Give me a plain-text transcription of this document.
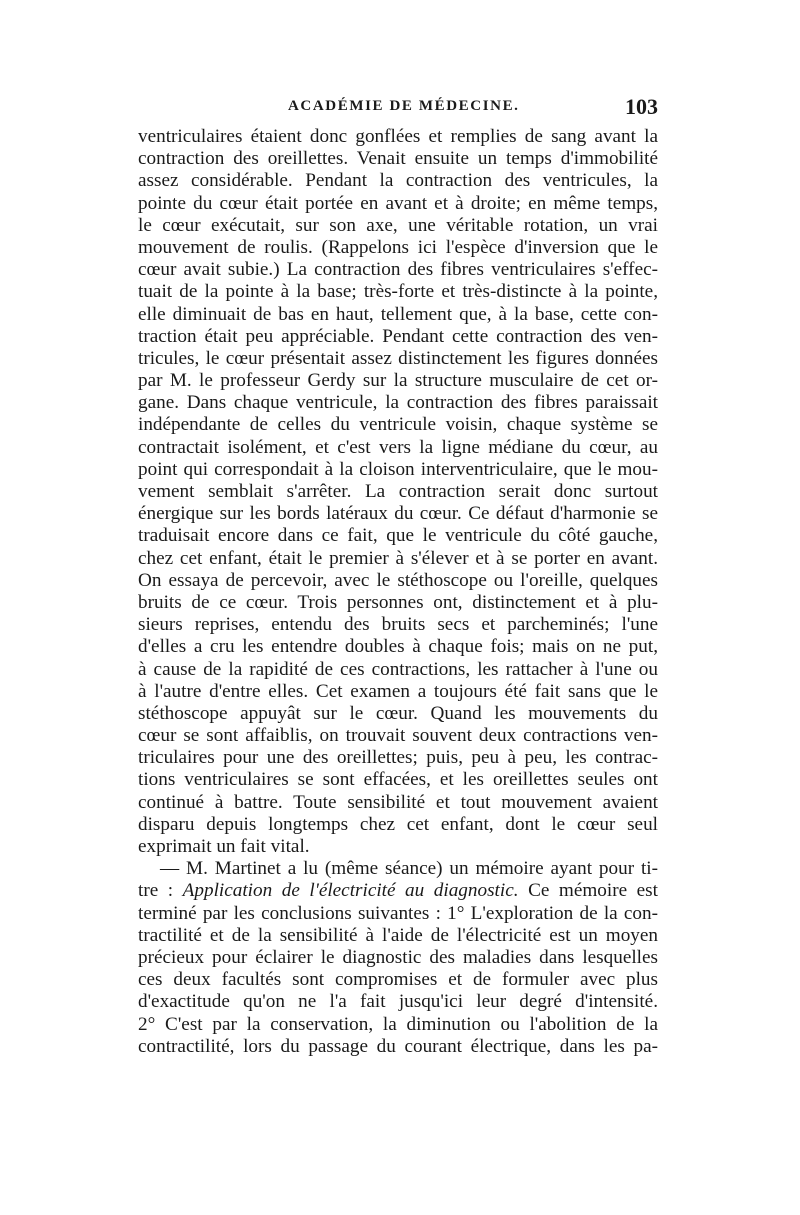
ACADÉMIE DE MÉDECINE.	103
ventriculaires étaient donc gonflées et remplies de sang avant la
contraction des oreillettes. Venait ensuite un temps d'immobilité
assez considérable. Pendant la contraction des ventricules, la
pointe du cœur était portée en avant et à droite; en même temps,
le cœur exécutait, sur son axe, une véritable rotation, un vrai
mouvement de roulis. (Rappelons ici l'espèce d'inversion que le
cœur avait subie.) La contraction des fibres ventriculaires s'effec-
tuait de la pointe à la base; très-forte et très-distincte à la pointe,
elle diminuait de bas en haut, tellement que, à la base, cette con-
traction était peu appréciable. Pendant cette contraction des ven-
tricules, le cœur présentait assez distinctement les figures données
par M. le professeur Gerdy sur la structure musculaire de cet or-
gane. Dans chaque ventricule, la contraction des fibres paraissait
indépendante de celles du ventricule voisin, chaque système se
contractait isolément, et c'est vers la ligne médiane du cœur, au
point qui correspondait à la cloison interventriculaire, que le mou-
vement semblait s'arrêter. La contraction serait donc surtout
énergique sur les bords latéraux du cœur. Ce défaut d'harmonie se
traduisait encore dans ce fait, que le ventricule du côté gauche,
chez cet enfant, était le premier à s'élever et à se porter en avant.
On essaya de percevoir, avec le stéthoscope ou l'oreille, quelques
bruits de ce cœur. Trois personnes ont, distinctement et à plu-
sieurs reprises, entendu des bruits secs et parcheminés; l'une
d'elles a cru les entendre doubles à chaque fois; mais on ne put,
à cause de la rapidité de ces contractions, les rattacher à l'une ou
à l'autre d'entre elles. Cet examen a toujours été fait sans que le
stéthoscope appuyât sur le cœur. Quand les mouvements du
cœur se sont affaiblis, on trouvait souvent deux contractions ven-
triculaires pour une des oreillettes; puis, peu à peu, les contrac-
tions ventriculaires se sont effacées, et les oreillettes seules ont
continué à battre. Toute sensibilité et tout mouvement avaient
disparu depuis longtemps chez cet enfant, dont le cœur seul
exprimait un fait vital.
— M. Martinet a lu (même séance) un mémoire ayant pour ti-
tre : Application de l'électricité au diagnostic. Ce mémoire est
terminé par les conclusions suivantes : 1° L'exploration de la con-
tractilité et de la sensibilité à l'aide de l'électricité est un moyen
précieux pour éclairer le diagnostic des maladies dans lesquelles
ces deux facultés sont compromises et de formuler avec plus
d'exactitude qu'on ne l'a fait jusqu'ici leur degré d'intensité.
2° C'est par la conservation, la diminution ou l'abolition de la
contractilité, lors du passage du courant électrique, dans les pa-
